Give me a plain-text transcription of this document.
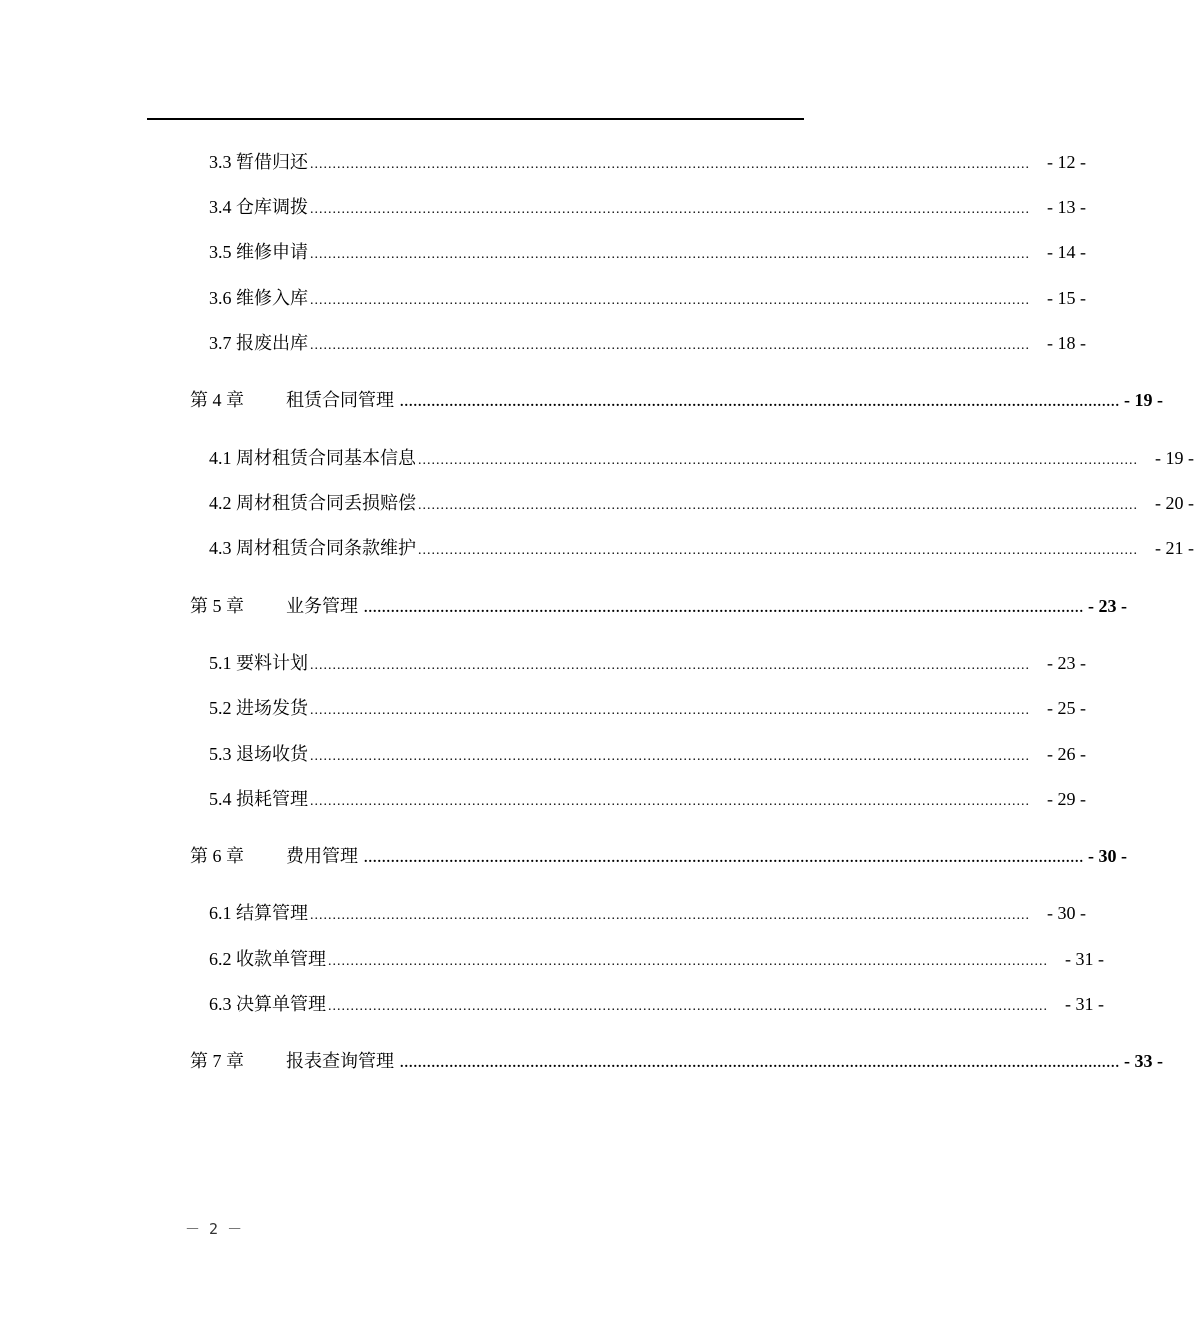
3.3 暂借归还 ................................................................................................................................................................ - 12 -
3.4 仓库调拨 ................................................................................................................................................................ - 13 -
3.5 维修申请 ................................................................................................................................................................ - 14 -
3.6 维修入库 ................................................................................................................................................................ - 15 -
3.7 报废出库 ................................................................................................................................................................ - 18 -
第 4 章	租赁合同管理 ................................................................................................................................................................ - 19 -
4.1 周材租赁合同基本信息 ................................................................................................................................................................ - 19 -
4.2 周材租赁合同丢损赔偿 ................................................................................................................................................................ - 20 -
4.3 周材租赁合同条款维护 ................................................................................................................................................................ - 21 -
第 5 章	业务管理 ................................................................................................................................................................ - 23 -
5.1 要料计划 ................................................................................................................................................................ - 23 -
5.2 进场发货 ................................................................................................................................................................ - 25 -
5.3 退场收货 ................................................................................................................................................................ - 26 -
5.4 损耗管理 ................................................................................................................................................................ - 29 -
第 6 章	费用管理 ................................................................................................................................................................ - 30 -
6.1 结算管理 ................................................................................................................................................................ - 30 -
6.2 收款单管理 ................................................................................................................................................................ - 31 -
6.3 决算单管理 ................................................................................................................................................................ - 31 -
第 7 章	报表查询管理 ................................................................................................................................................................ - 33 -
－ 2 －
